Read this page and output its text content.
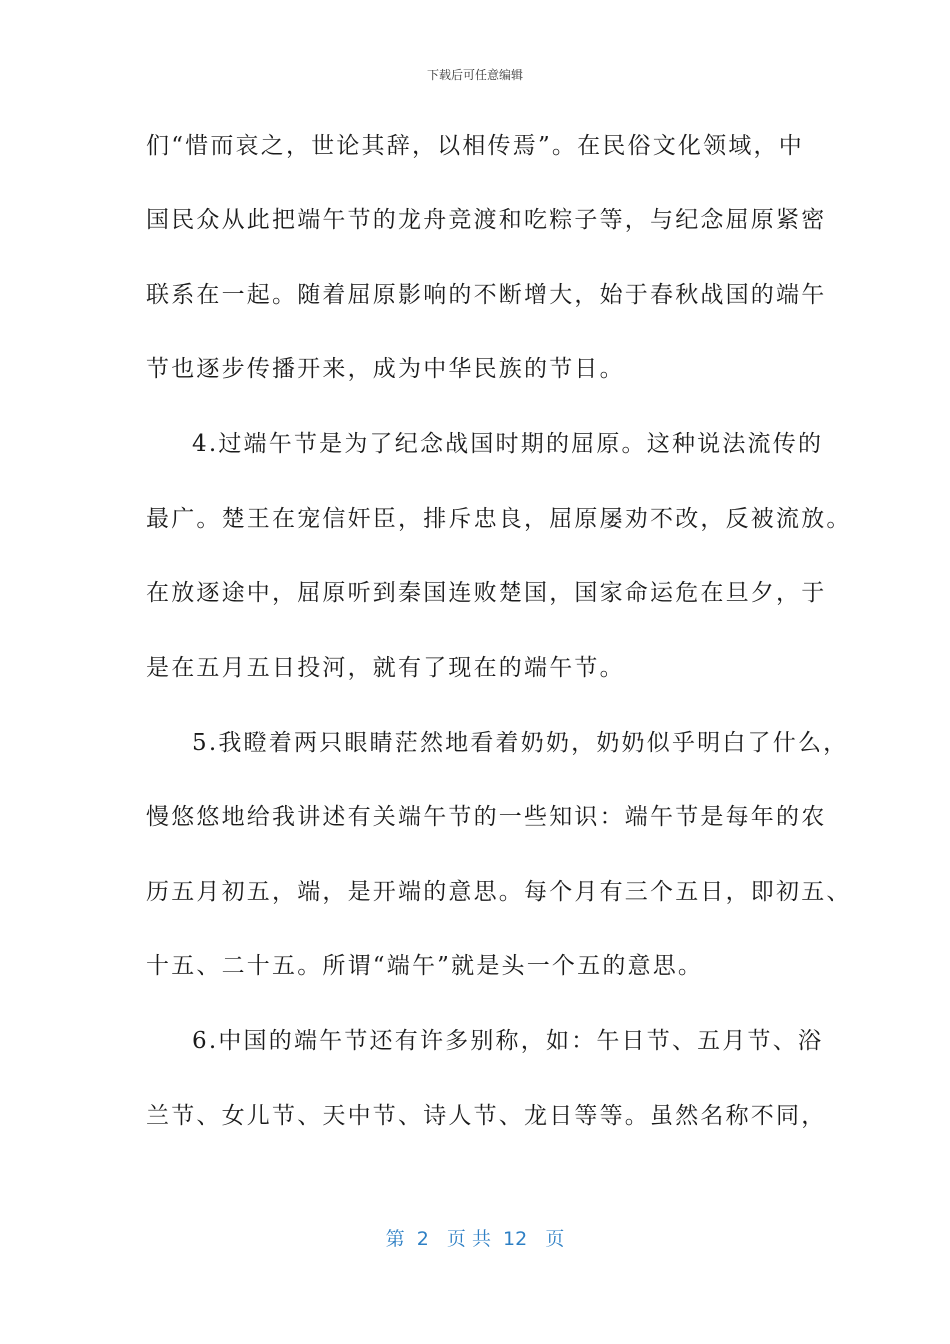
下载后可任意编辑
们“惜而哀之，世论其辞，以相传焉”。在民俗文化领域，中
国民众从此把端午节的龙舟竞渡和吃粽子等，与纪念屈原紧密
联系在一起。随着屈原影响的不断增大，始于春秋战国的端午
节也逐步传播开来，成为中华民族的节日。
4.过端午节是为了纪念战国时期的屈原。这种说法流传的
最广。楚王在宠信奸臣，排斥忠良，屈原屡劝不改，反被流放。
在放逐途中，屈原听到秦国连败楚国，国家命运危在旦夕，于
是在五月五日投河，就有了现在的端午节。
5.我瞪着两只眼睛茫然地看着奶奶，奶奶似乎明白了什么，
慢悠悠地给我讲述有关端午节的一些知识：端午节是每年的农
历五月初五，端，是开端的意思。每个月有三个五日，即初五、
十五、二十五。所谓“端午”就是头一个五的意思。
6.中国的端午节还有许多别称，如：午日节、五月节、浴
兰节、女儿节、天中节、诗人节、龙日等等。虽然名称不同，
第  2   页 共  12   页
